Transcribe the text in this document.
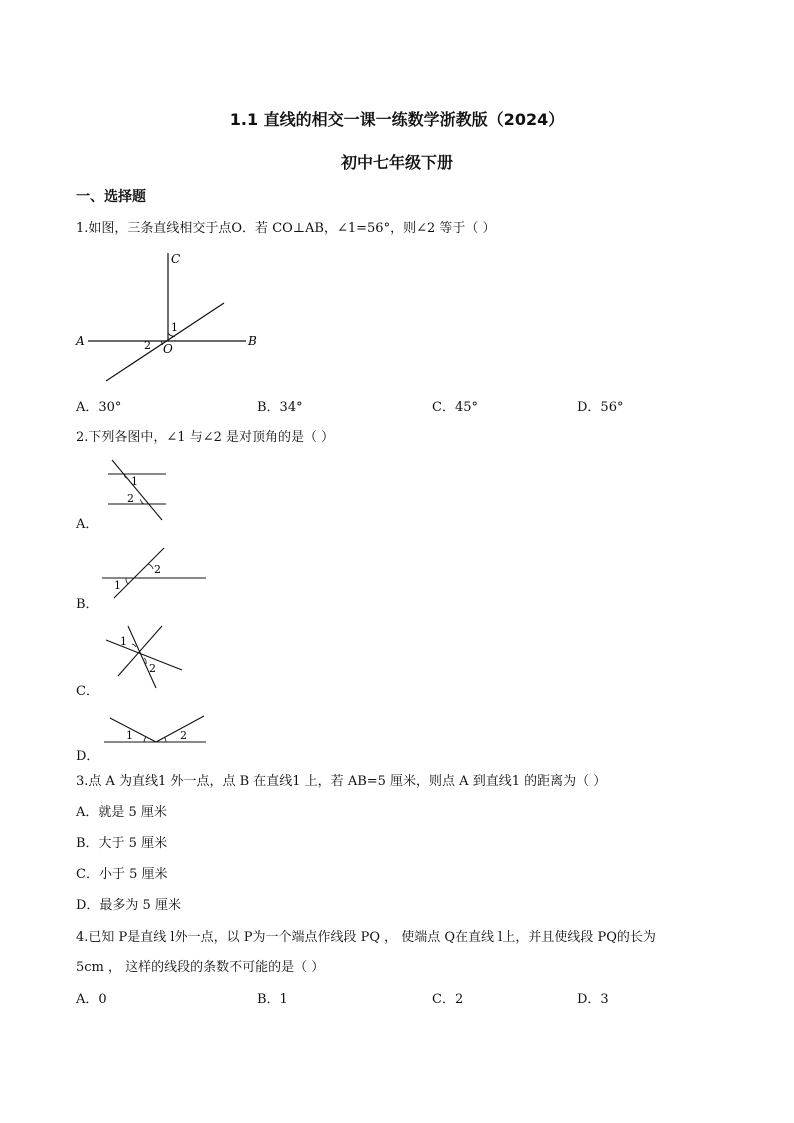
1.1 直线的相交一课一练数学浙教版（2024）
初中七年级下册
一、选择题
1.如图，三条直线相交于点O．若 CO⊥AB，∠1=56°，则∠2 等于（ ）
C
A	B
O
1
2
A．30°	B．34°	C．45°	D．56°
2.下列各图中，∠1 与∠2 是对顶角的是（ ）
1
2
A．
1
2
B．
1
2
C．
1	2
D．
3.点 A 为直线1 外一点，点 B 在直线1 上，若 AB=5 厘米，则点 A 到直线1 的距离为（ ）
A．就是 5 厘米
B．大于 5 厘米
C．小于 5 厘米
D．最多为 5 厘米
4.已知 P是直线 l外一点，以 P为一个端点作线段 PQ ， 使端点 Q在直线 l上，并且使线段 PQ的长为
5cm ， 这样的线段的条数不可能的是（ ）
A．0	B．1	C．2	D．3
